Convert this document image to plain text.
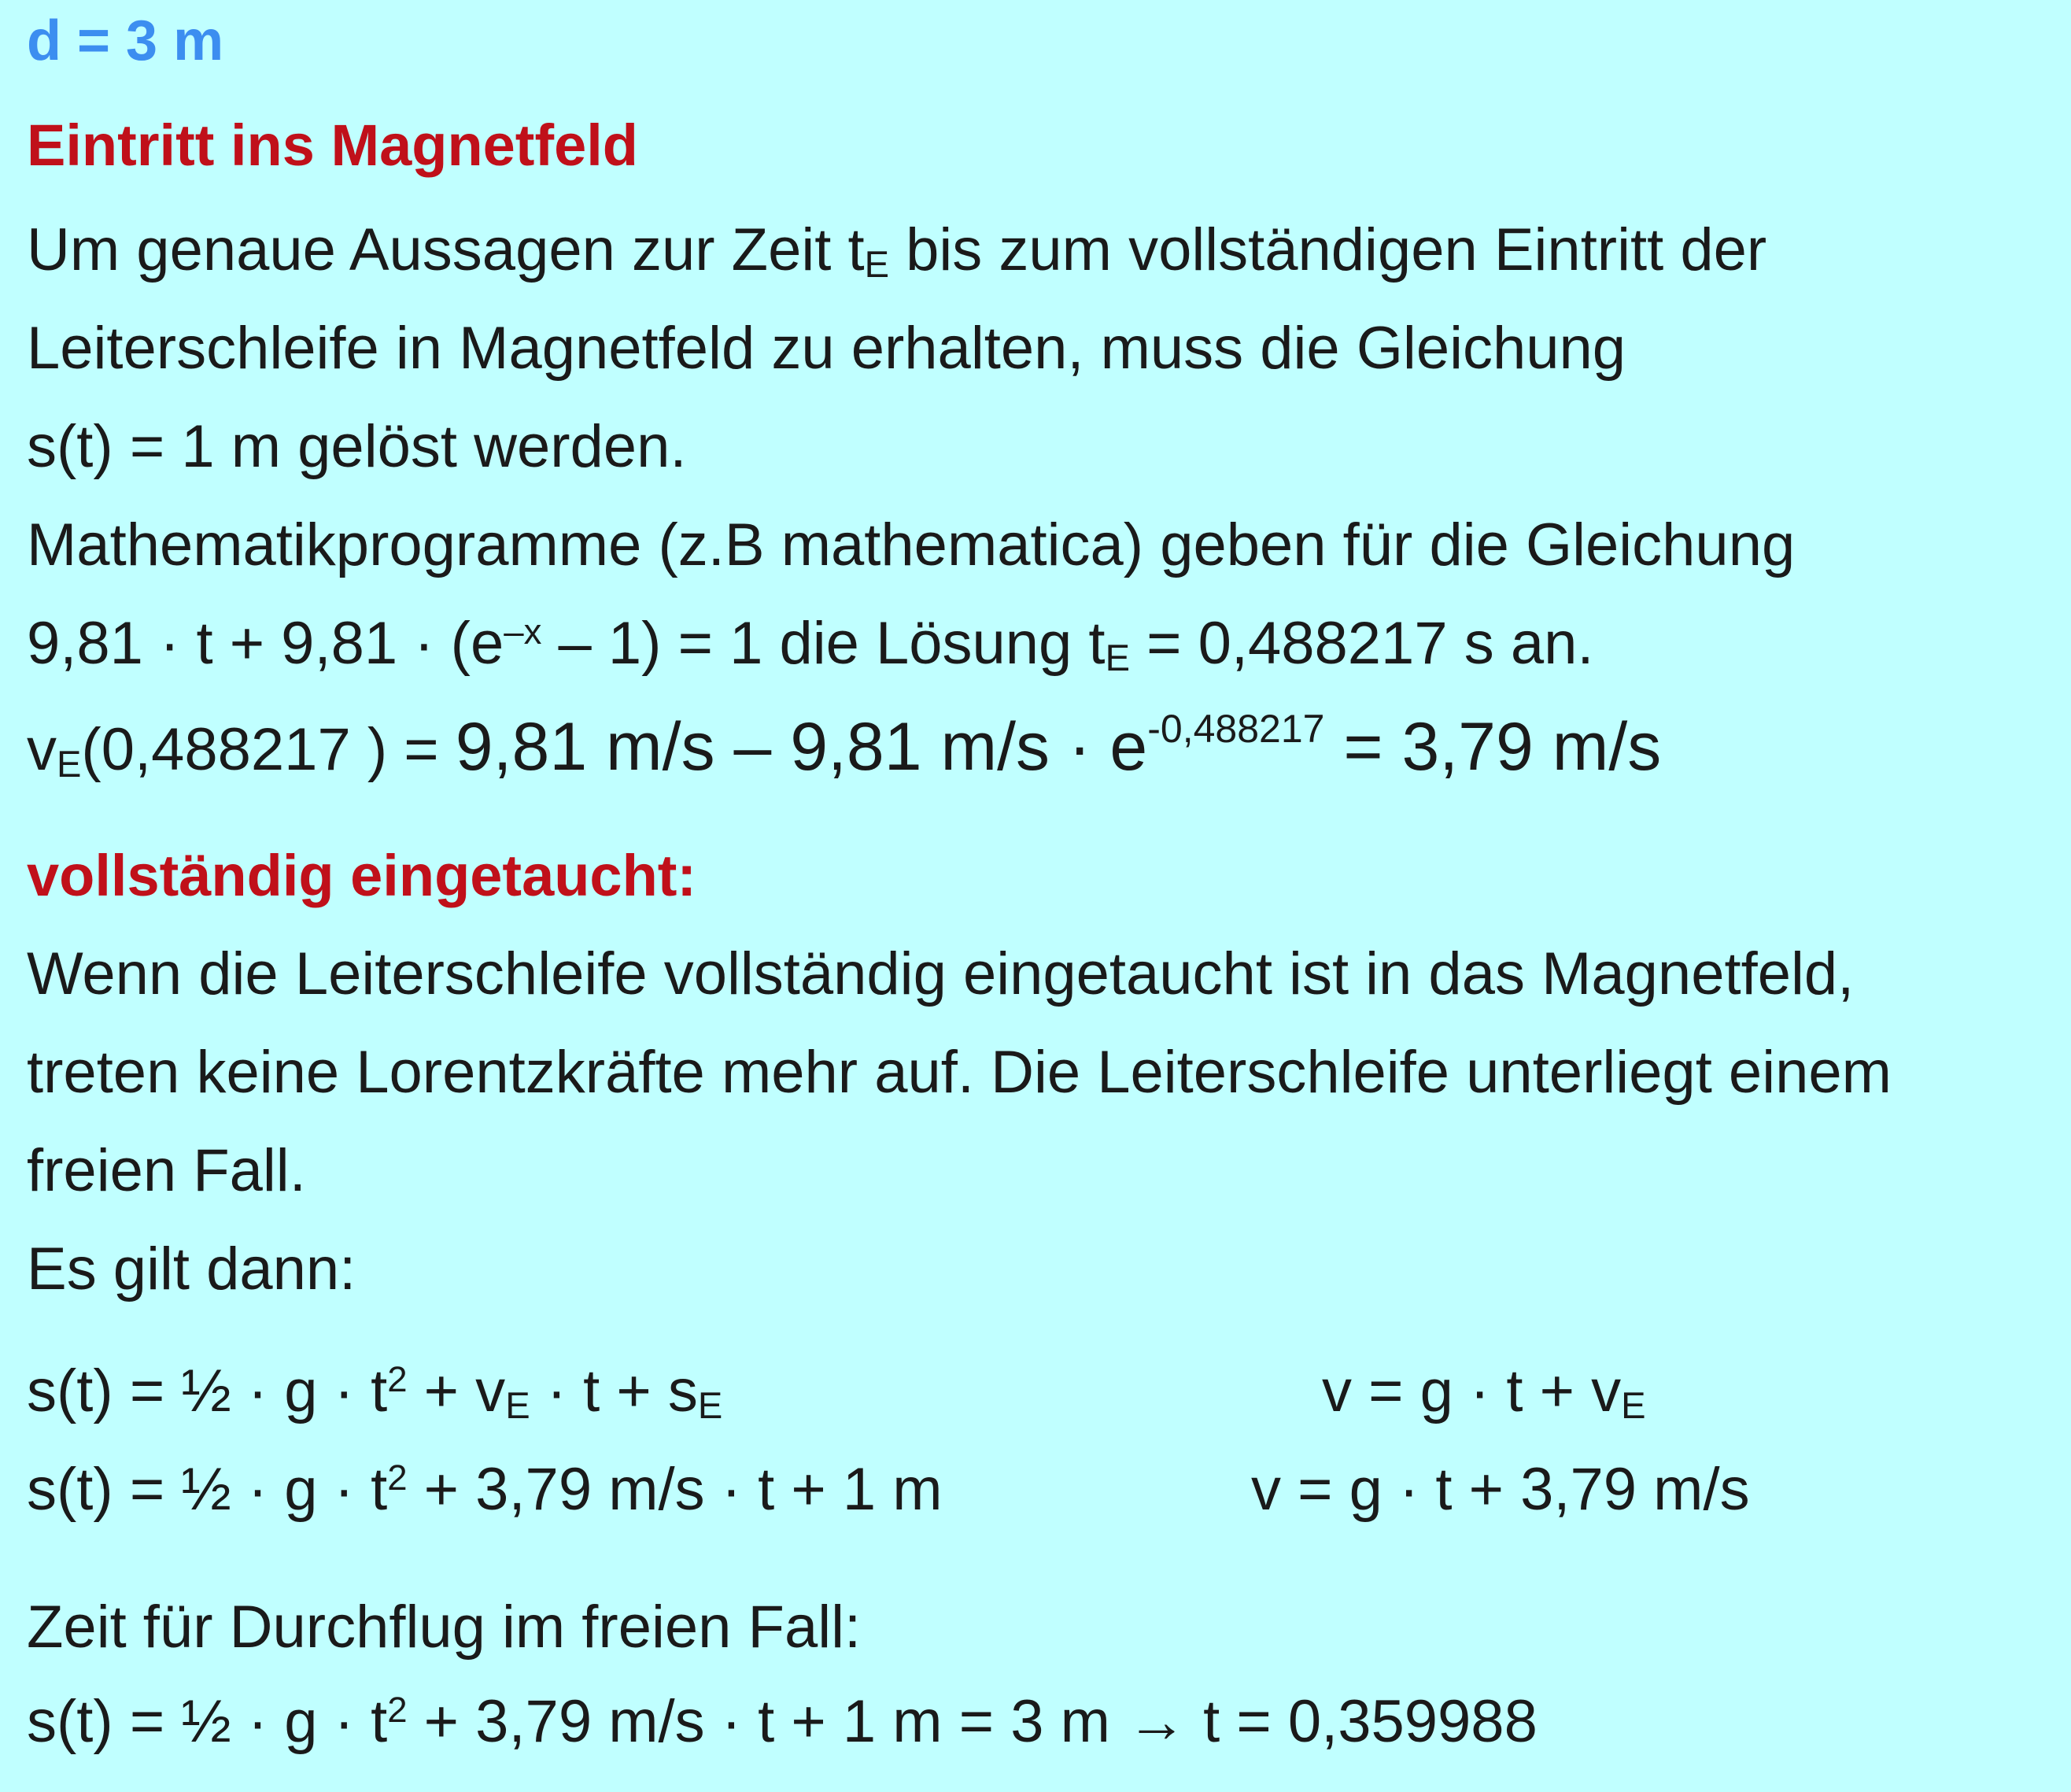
d = 3 m
Eintritt ins Magnetfeld
Um genaue Aussagen zur Zeit tE bis zum vollständigen Eintritt der
Leiterschleife in Magnetfeld zu erhalten, muss die Gleichung
s(t) = 1 m gelöst werden.
Mathematikprogramme (z.B mathematica) geben für die Gleichung
$9,81 \cdot t + 9,81 \cdot (e^{-x} - 1) = 1$ die Lösung tE = 0,488217 s an.
vE(0,488217 ) = 9,81 m/s – 9,81 $m/s \cdot e^{-0,488217} = 3,79$ m/s
vollständig eingetaucht:
Wenn die Leiterschleife vollständig eingetaucht ist in das Magnetfeld,
treten keine Lorentzkräfte mehr auf. Die Leiterschleife unterliegt einem
freien Fall.
Es gilt dann:
s(t) = ½ · $g \cdot t^2$ + vE · t + sE	v = g · t + vE
s(t) = ½ · $g \cdot t^2 + 3,79$ m/s · t + 1 m	v = g · t + 3,79 m/s
Zeit für Durchflug im freien Fall:
s(t) = ½ · $g \cdot t^2 + 3,79$ m/s · t + 1 m = 3 m → t = 0,359988
